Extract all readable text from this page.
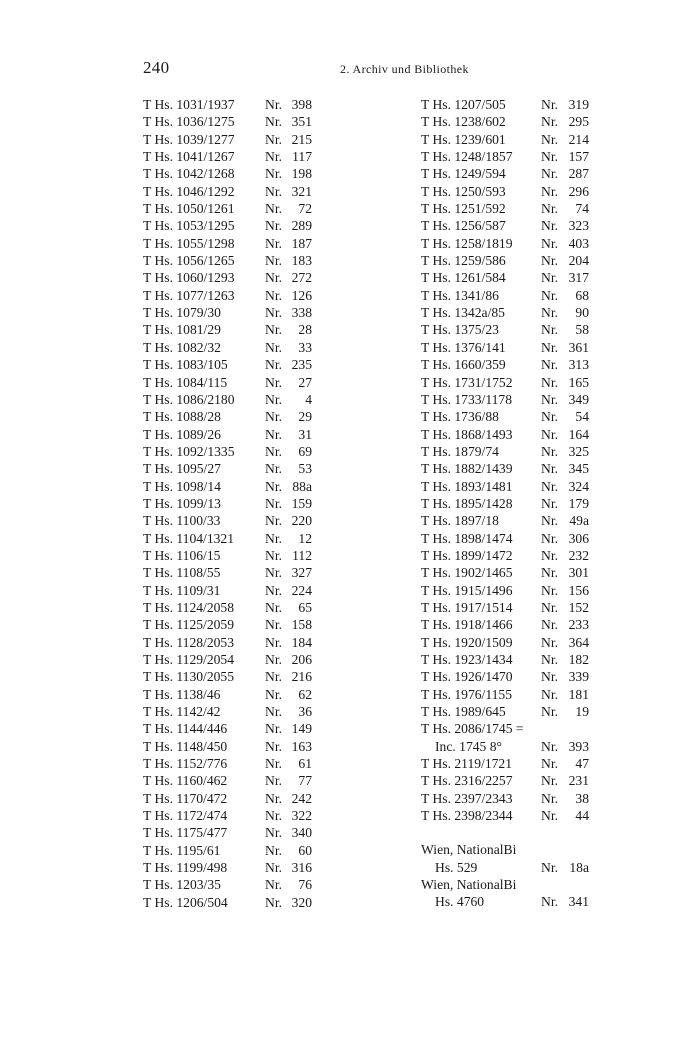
240	2. Archiv und Bibliothek
T Hs. 1031/1937 Nr. 398
T Hs. 1036/1275 Nr. 351
T Hs. 1039/1277 Nr. 215
T Hs. 1041/1267 Nr. 117
T Hs. 1042/1268 Nr. 198
T Hs. 1046/1292 Nr. 321
T Hs. 1050/1261 Nr. 72
T Hs. 1053/1295 Nr. 289
T Hs. 1055/1298 Nr. 187
T Hs. 1056/1265 Nr. 183
T Hs. 1060/1293 Nr. 272
T Hs. 1077/1263 Nr. 126
T Hs. 1079/30	Nr. 338
T Hs. 1081/29	Nr. 28
T Hs. 1082/32	Nr. 33
T Hs. 1083/105	Nr. 235
T Hs. 1084/115	Nr. 27
T Hs. 1086/2180 Nr. 4
T Hs. 1088/28	Nr. 29
T Hs. 1089/26	Nr. 31
T Hs. 1092/1335 Nr. 69
T Hs. 1095/27	Nr. 53
T Hs. 1098/14	Nr. 88a
T Hs. 1099/13	Nr. 159
T Hs. 1100/33	Nr. 220
T Hs. 1104/1321 Nr. 12
T Hs. 1106/15	Nr. 112
T Hs. 1108/55	Nr. 327
T Hs. 1109/31	Nr. 224
T Hs. 1124/2058 Nr. 65
T Hs. 1125/2059 Nr. 158
T Hs. 1128/2053 Nr. 184
T Hs. 1129/2054 Nr. 206
T Hs. 1130/2055 Nr. 216
T Hs. 1138/46	Nr. 62
T Hs. 1142/42	Nr. 36
T Hs. 1144/446	Nr. 149
T Hs. 1148/450	Nr. 163
T Hs. 1152/776	Nr. 61
T Hs. 1160/462	Nr. 77
T Hs. 1170/472	Nr. 242
T Hs. 1172/474	Nr. 322
T Hs. 1175/477	Nr. 340
T Hs. 1195/61	Nr. 60
T Hs. 1199/498	Nr. 316
T Hs. 1203/35	Nr. 76
T Hs. 1206/504	Nr. 320
T Hs. 1207/505	Nr. 319
T Hs. 1238/602	Nr. 295
T Hs. 1239/601	Nr. 214
T Hs. 1248/1857 Nr. 157
T Hs. 1249/594	Nr. 287
T Hs. 1250/593	Nr. 296
T Hs. 1251/592	Nr. 74
T Hs. 1256/587	Nr. 323
T Hs. 1258/1819 Nr. 403
T Hs. 1259/586	Nr. 204
T Hs. 1261/584	Nr. 317
T Hs. 1341/86	Nr. 68
T Hs. 1342a/85	Nr. 90
T Hs. 1375/23	Nr. 58
T Hs. 1376/141	Nr. 361
T Hs. 1660/359	Nr. 313
T Hs. 1731/1752 Nr. 165
T Hs. 1733/1178 Nr. 349
T Hs. 1736/88	Nr. 54
T Hs. 1868/1493 Nr. 164
T Hs. 1879/74	Nr. 325
T Hs. 1882/1439 Nr. 345
T Hs. 1893/1481 Nr. 324
T Hs. 1895/1428 Nr. 179
T Hs. 1897/18	Nr. 49a
T Hs. 1898/1474 Nr. 306
T Hs. 1899/1472 Nr. 232
T Hs. 1902/1465 Nr. 301
T Hs. 1915/1496 Nr. 156
T Hs. 1917/1514 Nr. 152
T Hs. 1918/1466 Nr. 233
T Hs. 1920/1509 Nr. 364
T Hs. 1923/1434 Nr. 182
T Hs. 1926/1470 Nr. 339
T Hs. 1976/1155 Nr. 181
T Hs. 1989/645	Nr. 19
T Hs. 2086/1745 =
Inc. 1745 8°	Nr. 393
T Hs. 2119/1721 Nr. 47
T Hs. 2316/2257 Nr. 231
T Hs. 2397/2343 Nr. 38
T Hs. 2398/2344 Nr. 44
Wien, NationalBi
Hs. 529	Nr. 18a
Wien, NationalBi
Hs. 4760	Nr. 341
